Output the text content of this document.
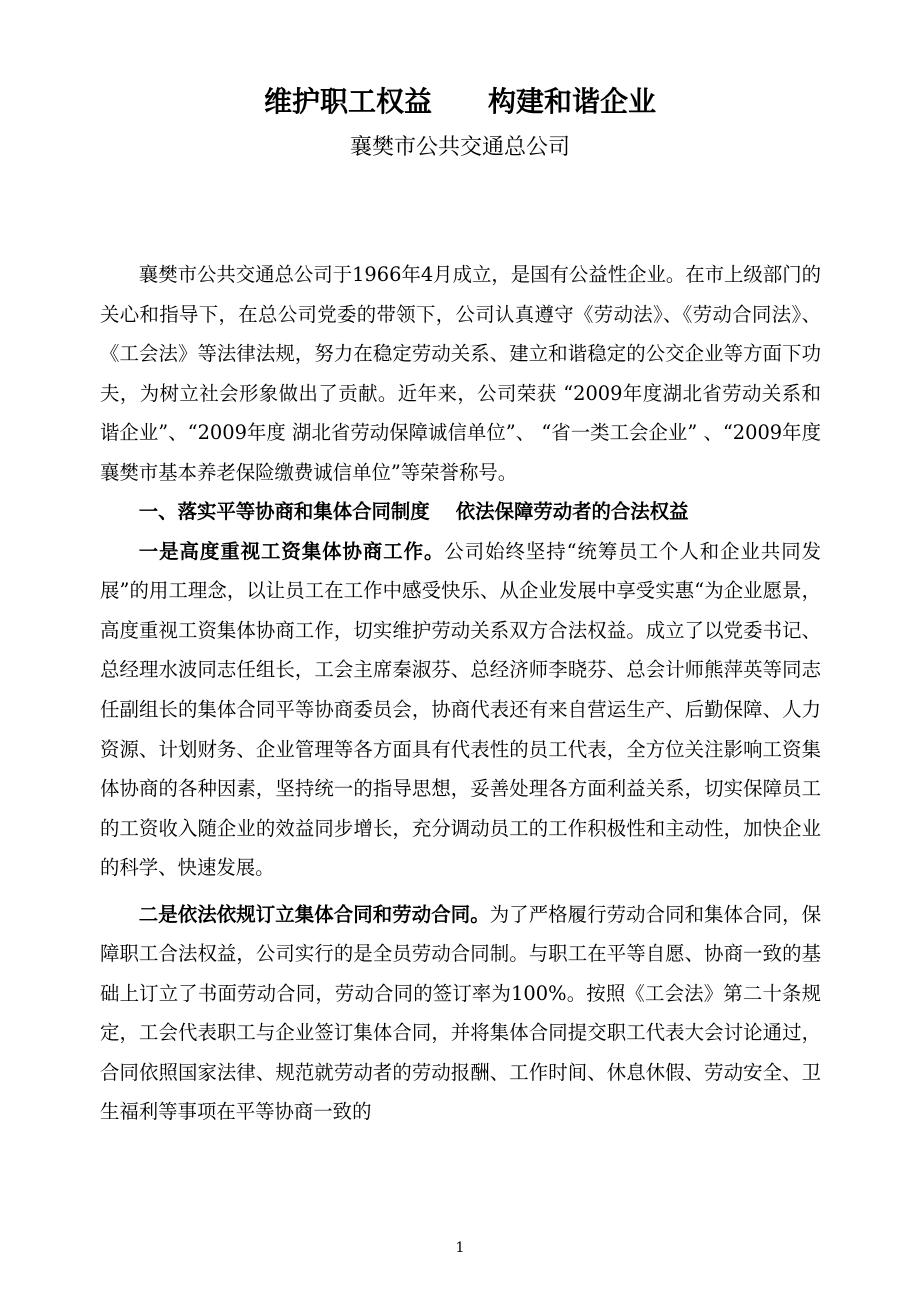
维护职工权益　　构建和谐企业
襄樊市公共交通总公司

襄樊市公共交通总公司于1966年4月成立，是国有公益性企业。在市上级部门的关心和指导下，在总公司党委的带领下，公司认真遵守《劳动法》、《劳动合同法》、《工会法》等法律法规，努力在稳定劳动关系、建立和谐稳定的公交企业等方面下功夫，为树立社会形象做出了贡献。近年来，公司荣获 “2009年度湖北省劳动关系和谐企业”、“2009年度 湖北省劳动保障诚信单位”、 “省一类工会企业” 、“2009年度襄樊市基本养老保险缴费诚信单位”等荣誉称号。

一、落实平等协商和集体合同制度　 依法保障劳动者的合法权益

一是高度重视工资集体协商工作。公司始终坚持“统筹员工个人和企业共同发展”的用工理念，以让员工在工作中感受快乐、从企业发展中享受实惠“为企业愿景，高度重视工资集体协商工作，切实维护劳动关系双方合法权益。成立了以党委书记、总经理水波同志任组长，工会主席秦淑芬、总经济师李晓芬、总会计师熊萍英等同志任副组长的集体合同平等协商委员会，协商代表还有来自营运生产、后勤保障、人力资源、计划财务、企业管理等各方面具有代表性的员工代表，全方位关注影响工资集体协商的各种因素，坚持统一的指导思想，妥善处理各方面利益关系，切实保障员工的工资收入随企业的效益同步增长，充分调动员工的工作积极性和主动性，加快企业的科学、快速发展。

二是依法依规订立集体合同和劳动合同。为了严格履行劳动合同和集体合同，保障职工合法权益，公司实行的是全员劳动合同制。与职工在平等自愿、协商一致的基础上订立了书面劳动合同，劳动合同的签订率为100%。按照《工会法》第二十条规定，工会代表职工与企业签订集体合同，并将集体合同提交职工代表大会讨论通过，合同依照国家法律、规范就劳动者的劳动报酬、工作时间、休息休假、劳动安全、卫生福利等事项在平等协商一致的

1
